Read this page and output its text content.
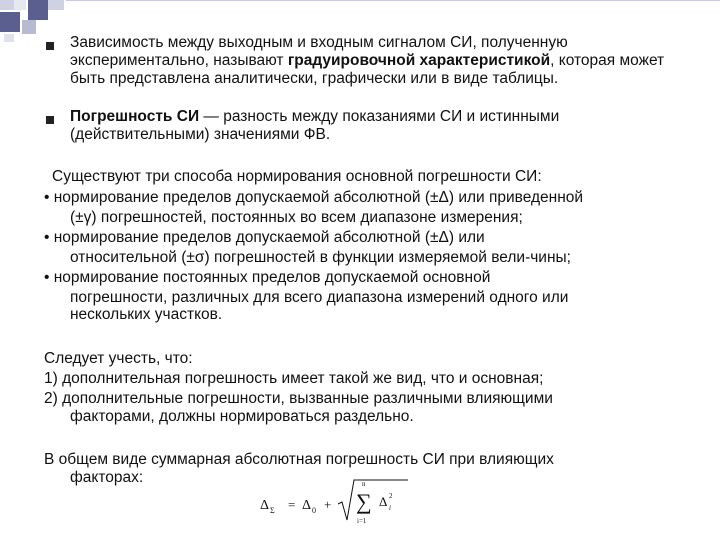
Зависимость между выходным и входным сигналом СИ, полученную экспериментально, называют градуировочной характеристикой, которая может быть представлена аналитически, графически или в виде таблицы.
Погрешность СИ — разность между показаниями СИ и истинными (действительными) значениями ФВ.
Существуют три способа нормирования основной погрешности СИ:
• нормирование пределов допускаемой абсолютной (±Δ) или приведенной
(±γ) погрешностей, постоянных во всем диапазоне измерения;
• нормирование пределов допускаемой абсолютной (±Δ) или
относительной (±σ) погрешностей в функции измеряемой вели-чины;
• нормирование постоянных пределов допускаемой основной
погрешности, различных для всего диапазона измерений одного или
нескольких участков.
Следует учесть, что:
1) дополнительная погрешность имеет такой же вид, что и основная;
2) дополнительные погрешности, вызванные различными влияющими
факторами, должны нормироваться раздельно.
В общем виде суммарная абсолютная погрешность СИ при влияющих
факторах:
Δ Σ = Δ 0 +
n
∑
i=1
Δ 2
i
